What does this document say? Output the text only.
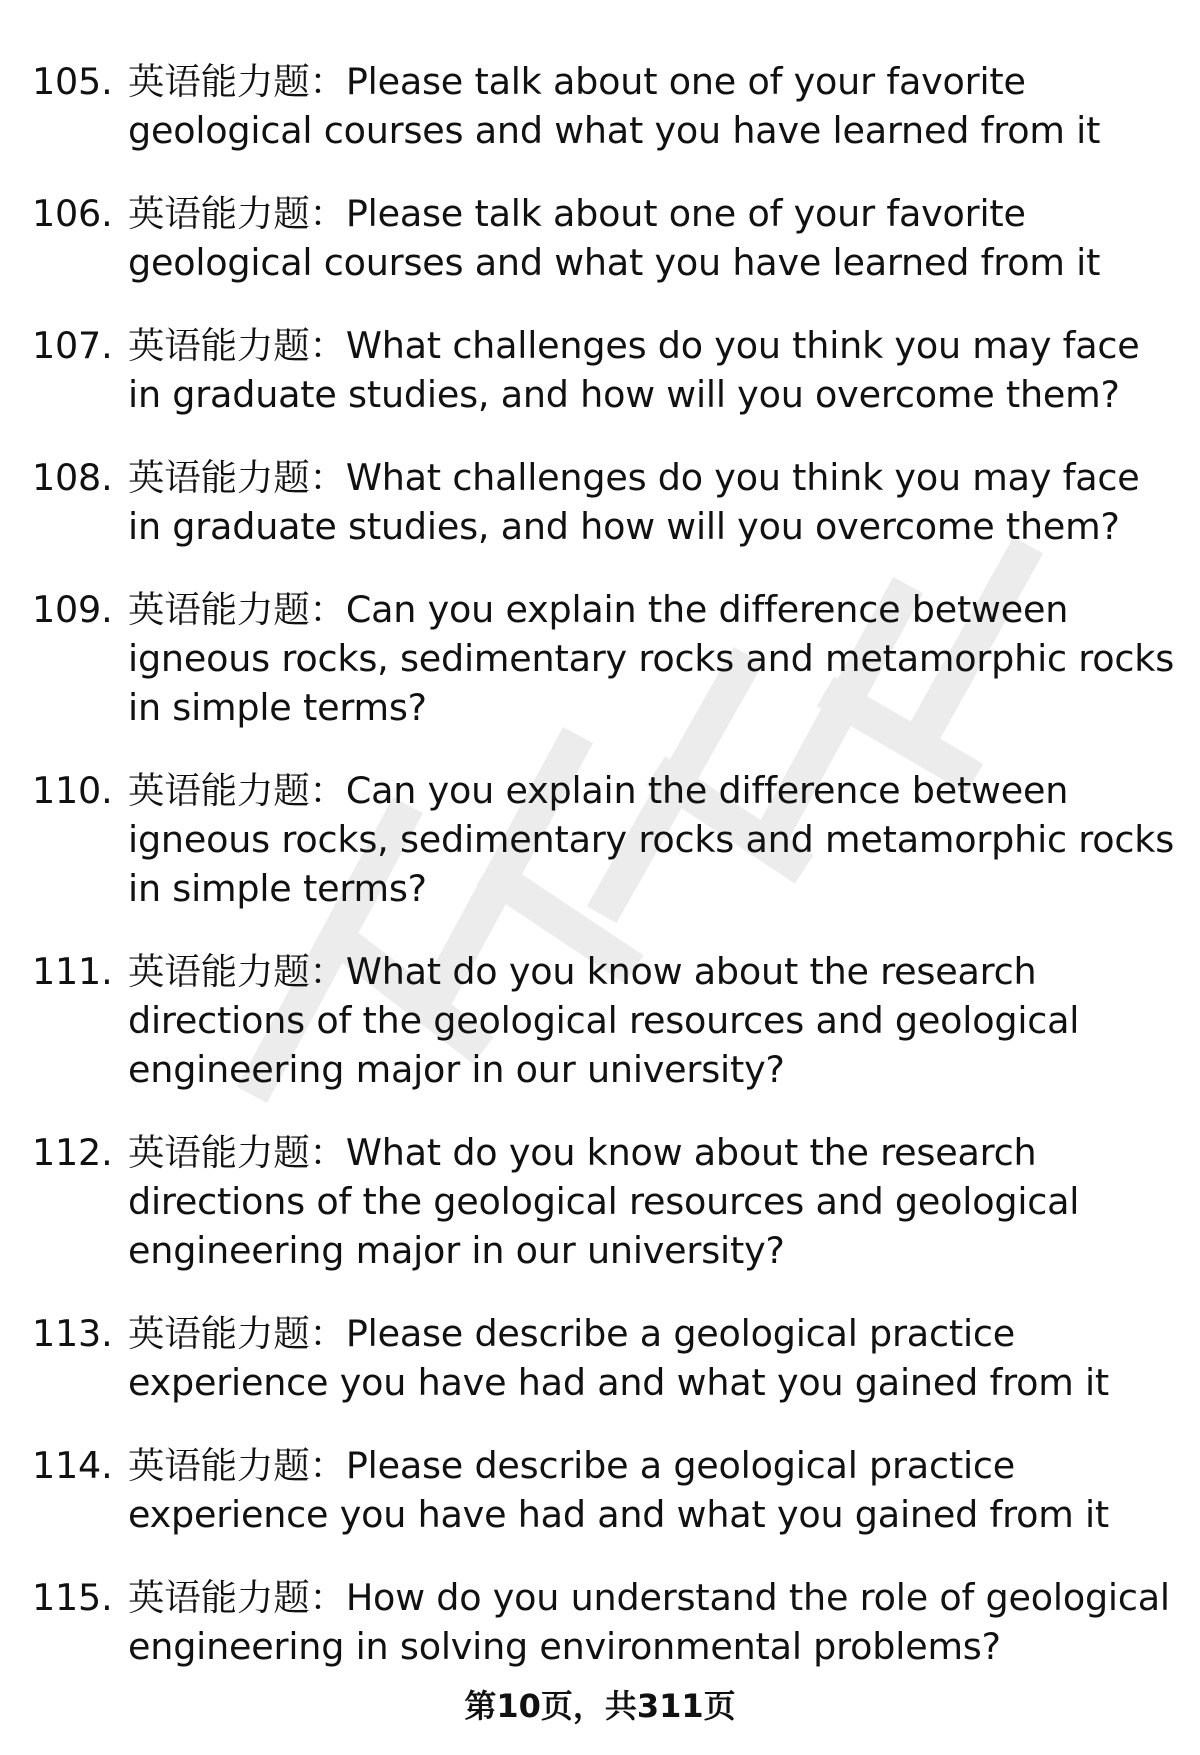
105. 英语能力题：Please talk about one of your favorite geological courses and what you have learned from it
106. 英语能力题：Please talk about one of your favorite geological courses and what you have learned from it
107. 英语能力题：What challenges do you think you may face in graduate studies, and how will you overcome them?
108. 英语能力题：What challenges do you think you may face in graduate studies, and how will you overcome them?
109. 英语能力题：Can you explain the difference between igneous rocks, sedimentary rocks and metamorphic rocks in simple terms?
110. 英语能力题：Can you explain the difference between igneous rocks, sedimentary rocks and metamorphic rocks in simple terms?
111. 英语能力题：What do you know about the research directions of the geological resources and geological engineering major in our university?
112. 英语能力题：What do you know about the research directions of the geological resources and geological engineering major in our university?
113. 英语能力题：Please describe a geological practice experience you have had and what you gained from it
114. 英语能力题：Please describe a geological practice experience you have had and what you gained from it
115. 英语能力题：How do you understand the role of geological engineering in solving environmental problems?
第10页，共311页
